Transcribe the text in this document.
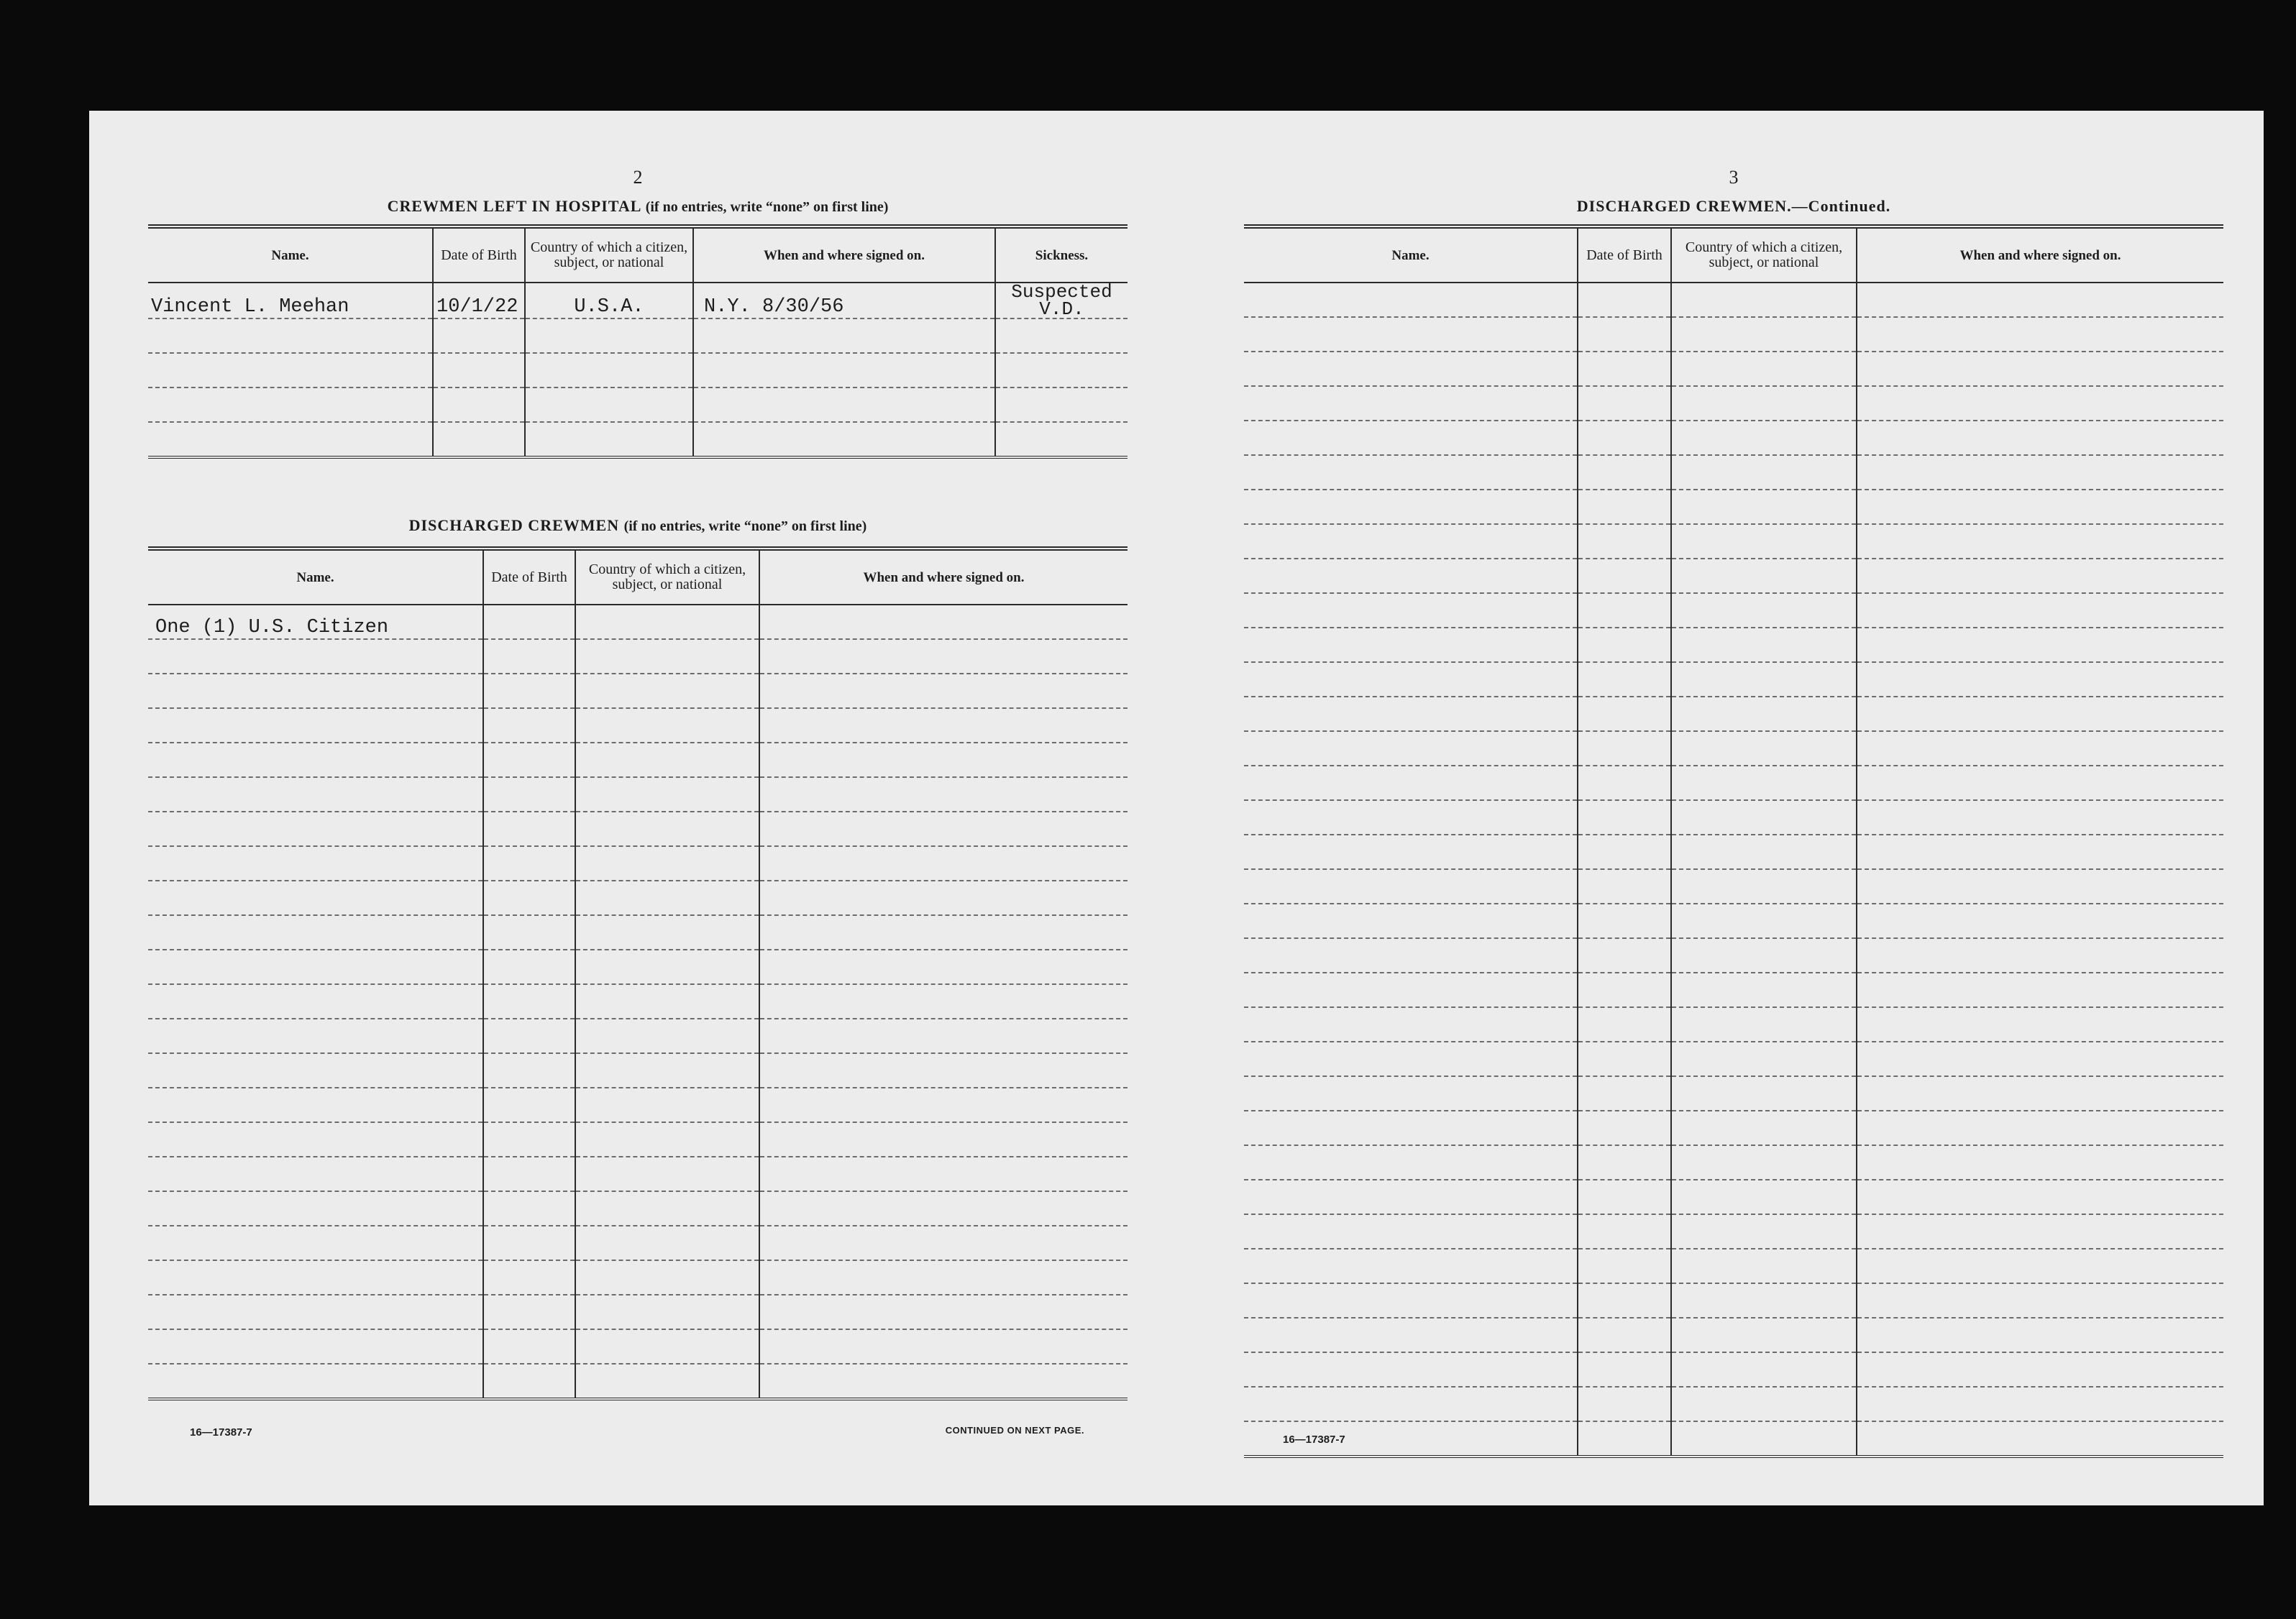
2
CREWMEN LEFT IN HOSPITAL (if no entries, write “none” on first line)
Name.	Date of Birth	Country of which a citizen, subject, or national	When and where signed on.	Sickness.
Vincent L. Meehan	10/1/22	U.S.A.	N.Y. 8/30/56	Suspected
V.D.

DISCHARGED CREWMEN (if no entries, write “none” on first line)
Name.	Date of Birth	Country of which a citizen, subject, or national	When and where signed on.
One (1) U.S. Citizen			

16—17387-7	CONTINUED ON NEXT PAGE.
3
DISCHARGED CREWMEN.—Continued.
Name.	Date of Birth	Country of which a citizen, subject, or national	When and where signed on.

16—17387-7
